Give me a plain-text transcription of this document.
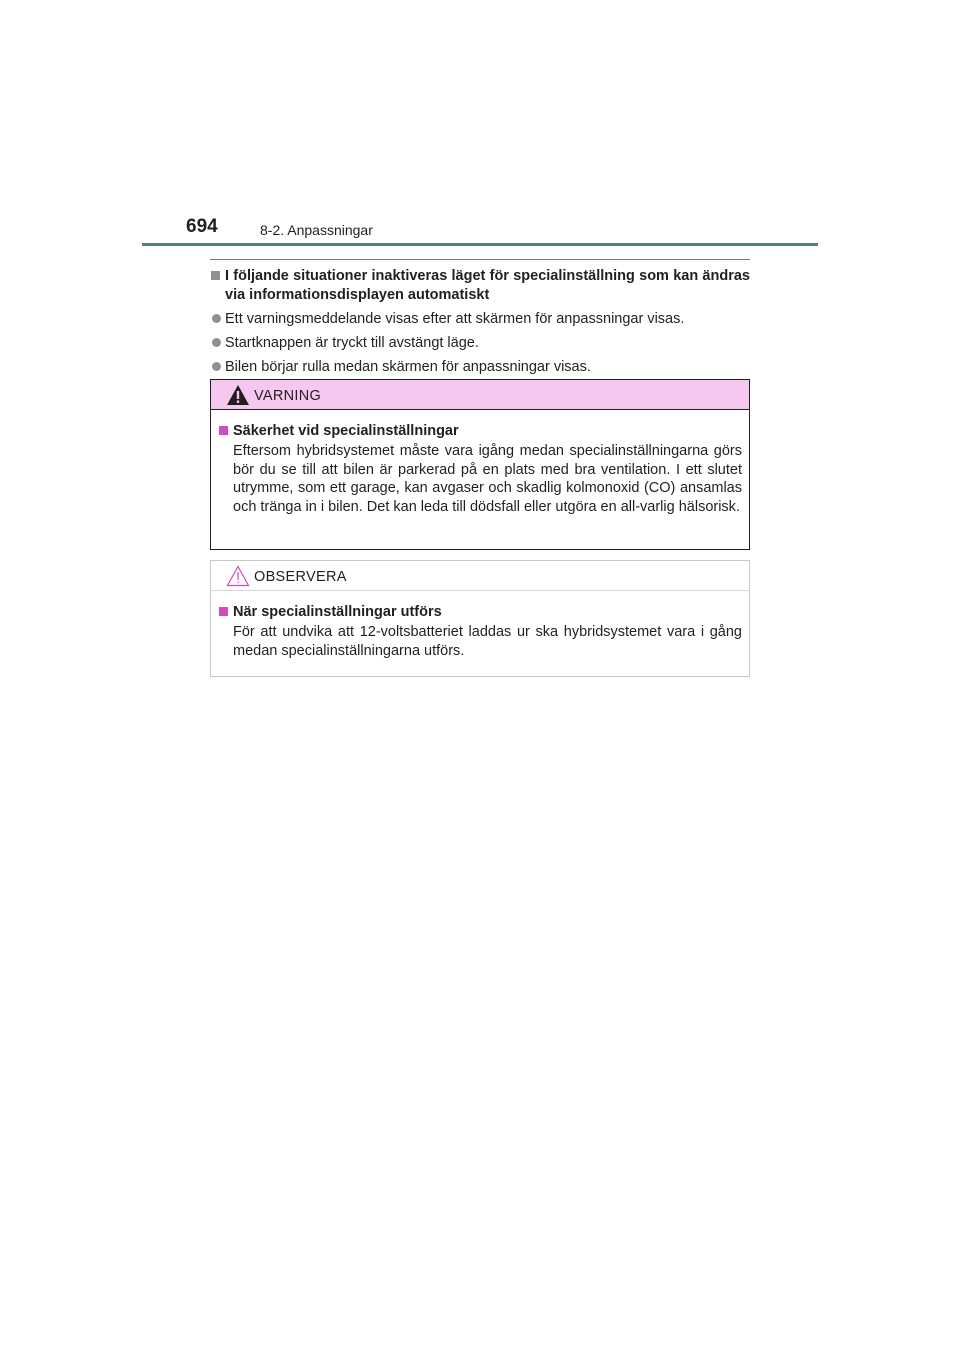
694	8-2. Anpassningar
I följande situationer inaktiveras läget för specialinställning som kan ändras via informationsdisplayen automatiskt
Ett varningsmeddelande visas efter att skärmen för anpassningar visas.
Startknappen är tryckt till avstängt läge.
Bilen börjar rulla medan skärmen för anpassningar visas.
VARNING
Säkerhet vid specialinställningar
Eftersom hybridsystemet måste vara igång medan specialinställningarna görs bör du se till att bilen är parkerad på en plats med bra ventilation. I ett slutet utrymme, som ett garage, kan avgaser och skadlig kolmonoxid (CO) ansamlas och tränga in i bilen. Det kan leda till dödsfall eller utgöra en all-varlig hälsorisk.
OBSERVERA
När specialinställningar utförs
För att undvika att 12-voltsbatteriet laddas ur ska hybridsystemet vara i gång medan specialinställningarna utförs.
